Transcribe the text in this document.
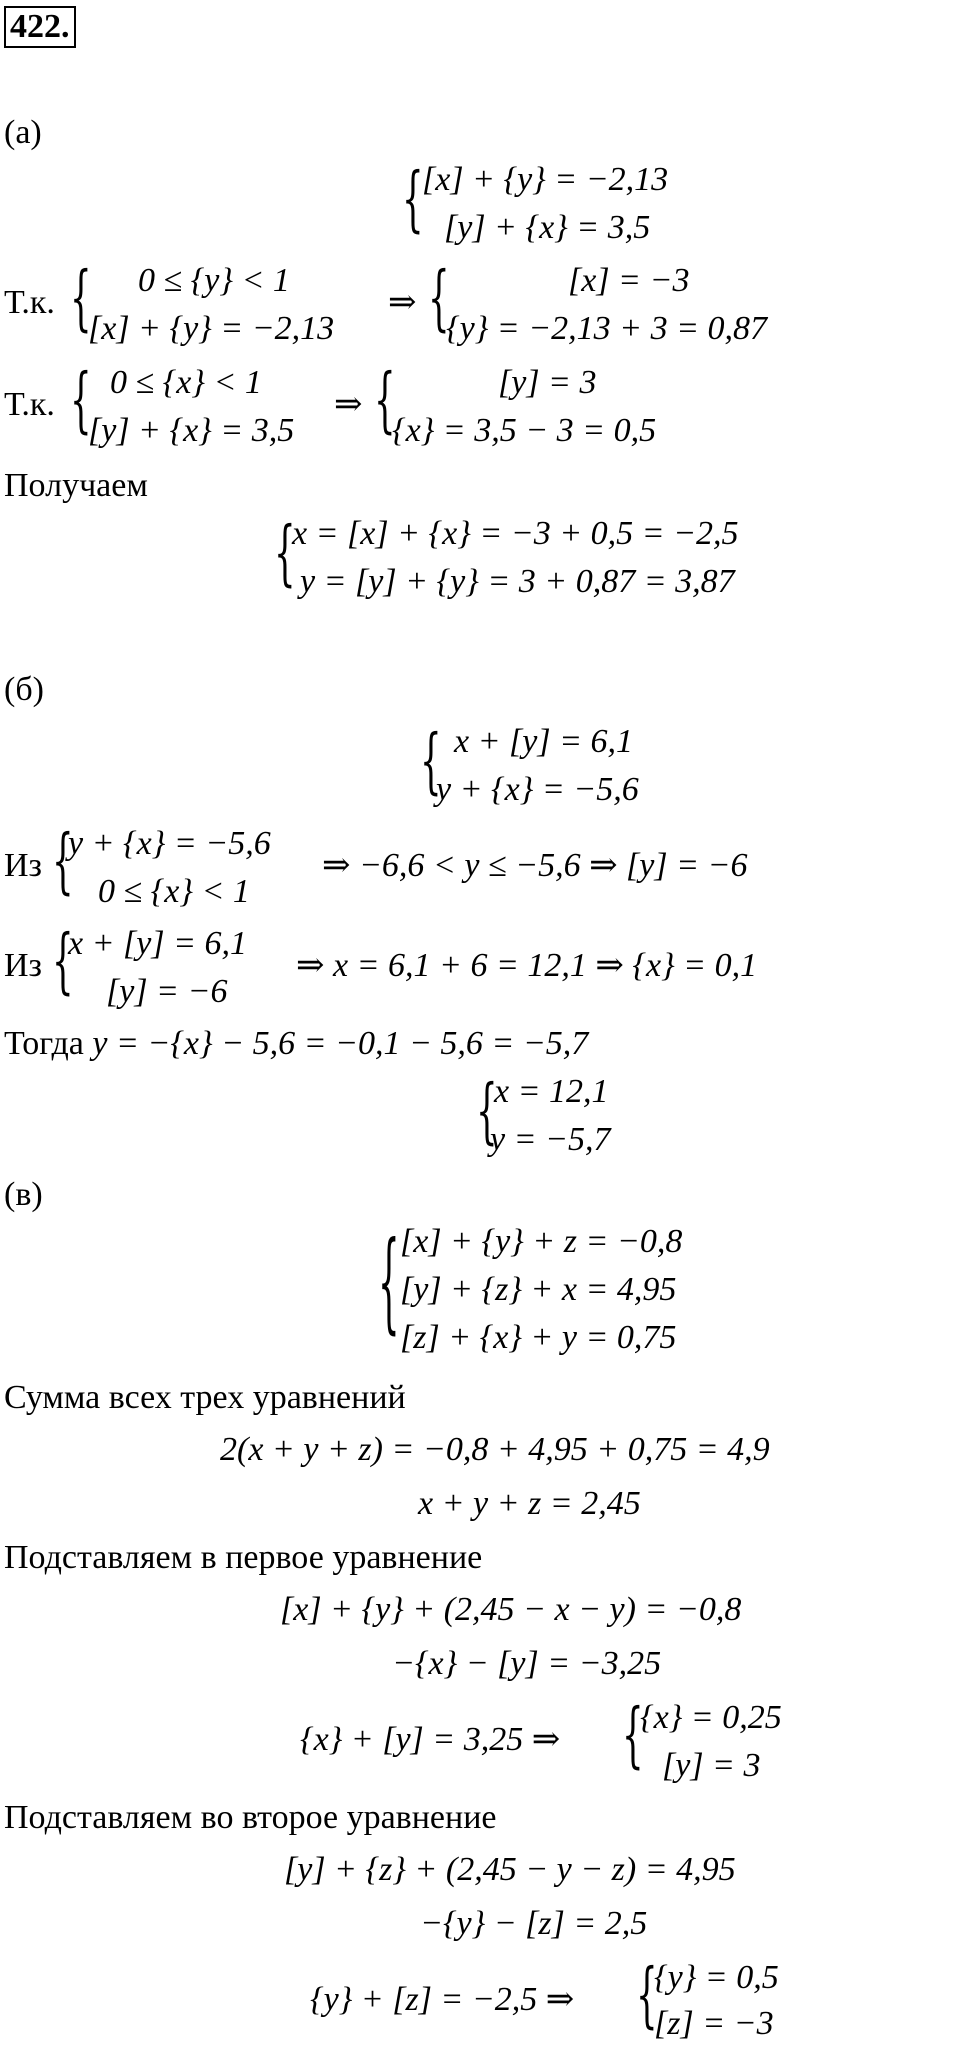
422.
(а)
{
[x] + {y} = −2,13
[y] + {x} = 3,5
Т.к. { 0 ≤ {y} < 1
[x] + {y} = −2,13
⇒ {	[x] = −3
{y} = −2,13 + 3 = 0,87
Т.к. { 0 ≤ {x} < 1
[y] + {x} = 3,5
⇒ {	[y] = 3
{x} = 3,5 − 3 = 0,5
Получаем
{
x = [x] + {x} = −3 + 0,5 = −2,5
y = [y] + {y} = 3 + 0,87 = 3,87
(б)
{ x + [y] = 6,1
y + {x} = −5,6
Из {
y + {x} = −5,6
0 ≤ {x} < 1
⇒ −6,6 < y ≤ −5,6 ⇒ [y] = −6
Из {
x + [y] = 6,1
[y] = −6
⇒ x = 6,1 + 6 = 12,1 ⇒ {x} = 0,1
Тогда y = −{x} − 5,6 = −0,1 − 5,6 = −5,7
{
x = 12,1
y = −5,7
(в)
{ [x] + {y} + z = −0,8
[y] + {z} + x = 4,95
[z] + {x} + y = 0,75
Сумма всех трех уравнений
2(x + y + z) = −0,8 + 4,95 + 0,75 = 4,9
x + y + z = 2,45
Подставляем в первое уравнение
[x] + {y} + (2,45 − x − y) = −0,8
−{x} − [y] = −3,25
{x} + [y] = 3,25 ⇒ {
{x} = 0,25
[y] = 3
Подставляем во второе уравнение
[y] + {z} + (2,45 − y − z) = 4,95
−{y} − [z] = 2,5
{y} + [z] = −2,5 ⇒ {
{y} = 0,5
[z] = −3
